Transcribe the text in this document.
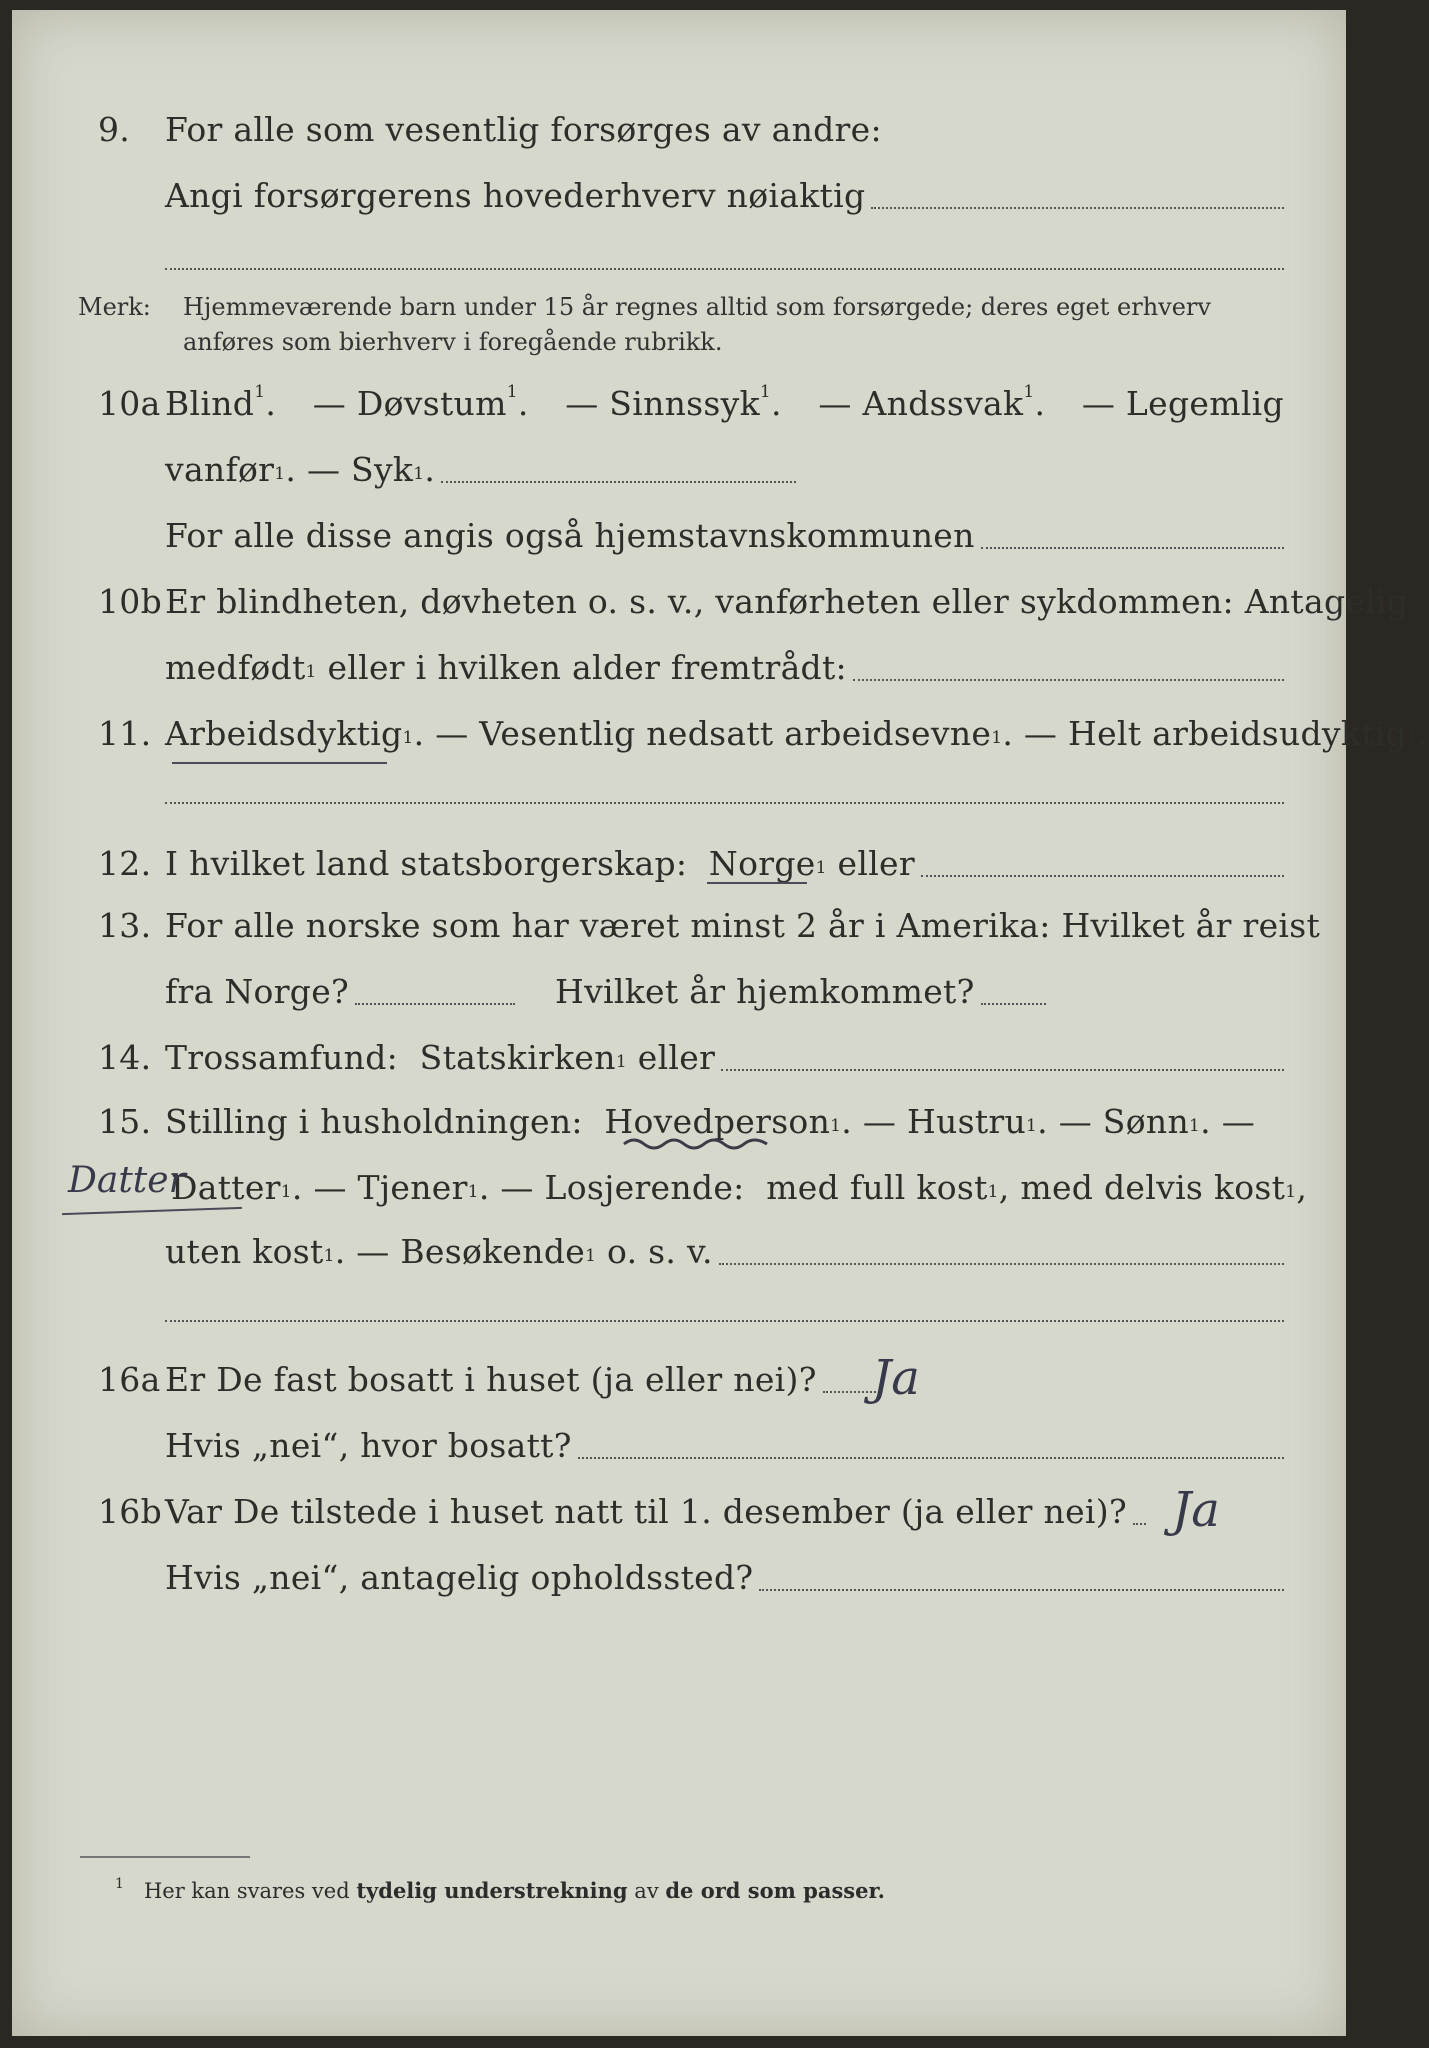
9. For alle som vesentlig forsørges av andre:
Angi forsørgerens hovederhverv nøiaktig
Merk: Hjemmeværende barn under 15 år regnes alltid som forsørgede; deres eget erhverv
anføres som bierhverv i foregående rubrikk.
10a Blind$^1$. — Døvstum$^1$. — Sinnssyk$^1$. — Andssvak$^1$. — Legemlig
vanfør 1 . — Syk 1 .
For alle disse angis også hjemstavnskommunen
10b Er blindheten, døvheten o. s. v., vanførheten eller sykdommen: Antagelig
medfødt 1
eller i hvilken alder fremtrådt:
11. Arbeidsdyktig 1 . — Vesentlig nedsatt arbeidsevne 1 . — Helt arbeidsudyktig 1 .
12. I hvilket land statsborgerskap:
Norge 1
eller
13. For alle norske som har været minst 2 år i Amerika: Hvilket år reist
fra Norge?	Hvilket år hjemkommet?
14. Trossamfund:
Statskirken 1
eller
15. Stilling i husholdningen:
Hovedperson 1 . — Hustru 1 . — Sønn 1 . —
Datter 1 . — Tjener 1 . — Losjerende:
med full kost 1 , med delvis kost 1 ,
Datter
uten kost 1 . — Besøkende 1
o. s. v.
16a Er De fast bosatt i huset (ja eller nei)? Ja
Hvis „nei“, hvor bosatt?
16b Var De tilstede i huset natt til 1. desember (ja eller nei)? Ja
Hvis „nei“, antagelig opholdssted?
$^1$ Her kan svares ved tydelig understrekning av de ord som passer.
